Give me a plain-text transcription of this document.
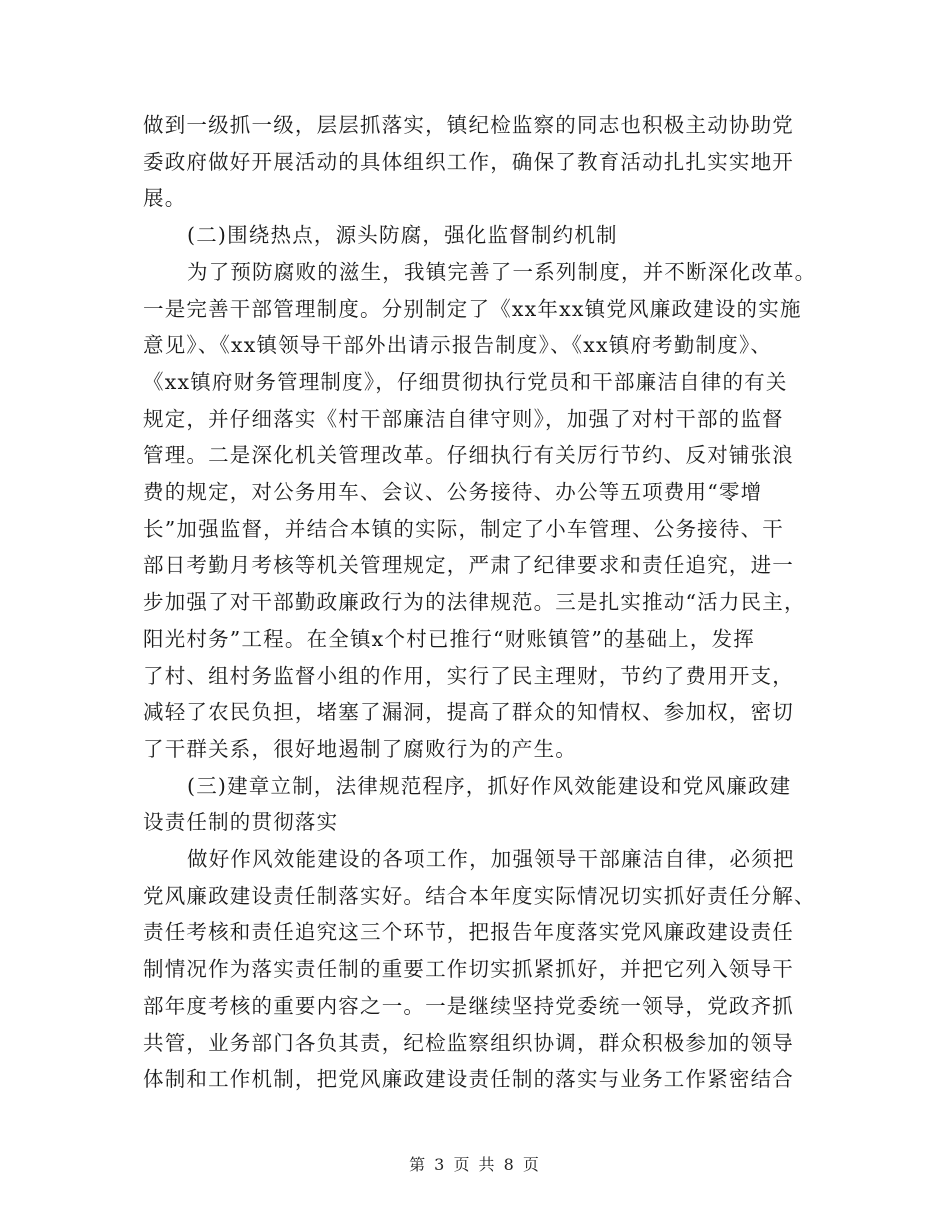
做到一级抓一级，层层抓落实，镇纪检监察的同志也积极主动协助党
委政府做好开展活动的具体组织工作，确保了教育活动扎扎实实地开
展。
(二)围绕热点，源头防腐，强化监督制约机制
为了预防腐败的滋生，我镇完善了一系列制度，并不断深化改革。
一是完善干部管理制度。分别制定了《xx年xx镇党风廉政建设的实施
意见》、《xx镇领导干部外出请示报告制度》、《xx镇府考勤制度》、
《xx镇府财务管理制度》，仔细贯彻执行党员和干部廉洁自律的有关
规定，并仔细落实《村干部廉洁自律守则》，加强了对村干部的监督
管理。二是深化机关管理改革。仔细执行有关厉行节约、反对铺张浪
费的规定，对公务用车、会议、公务接待、办公等五项费用“零增
长”加强监督，并结合本镇的实际，制定了小车管理、公务接待、干
部日考勤月考核等机关管理规定，严肃了纪律要求和责任追究，进一
步加强了对干部勤政廉政行为的法律规范。三是扎实推动“活力民主，
阳光村务”工程。在全镇x个村已推行“财账镇管”的基础上，发挥
了村、组村务监督小组的作用，实行了民主理财，节约了费用开支，
减轻了农民负担，堵塞了漏洞，提高了群众的知情权、参加权，密切
了干群关系，很好地遏制了腐败行为的产生。
(三)建章立制，法律规范程序，抓好作风效能建设和党风廉政建
设责任制的贯彻落实
做好作风效能建设的各项工作，加强领导干部廉洁自律，必须把
党风廉政建设责任制落实好。结合本年度实际情况切实抓好责任分解、
责任考核和责任追究这三个环节，把报告年度落实党风廉政建设责任
制情况作为落实责任制的重要工作切实抓紧抓好，并把它列入领导干
部年度考核的重要内容之一。一是继续坚持党委统一领导，党政齐抓
共管，业务部门各负其责，纪检监察组织协调，群众积极参加的领导
体制和工作机制，把党风廉政建设责任制的落实与业务工作紧密结合
第 3 页 共 8 页
